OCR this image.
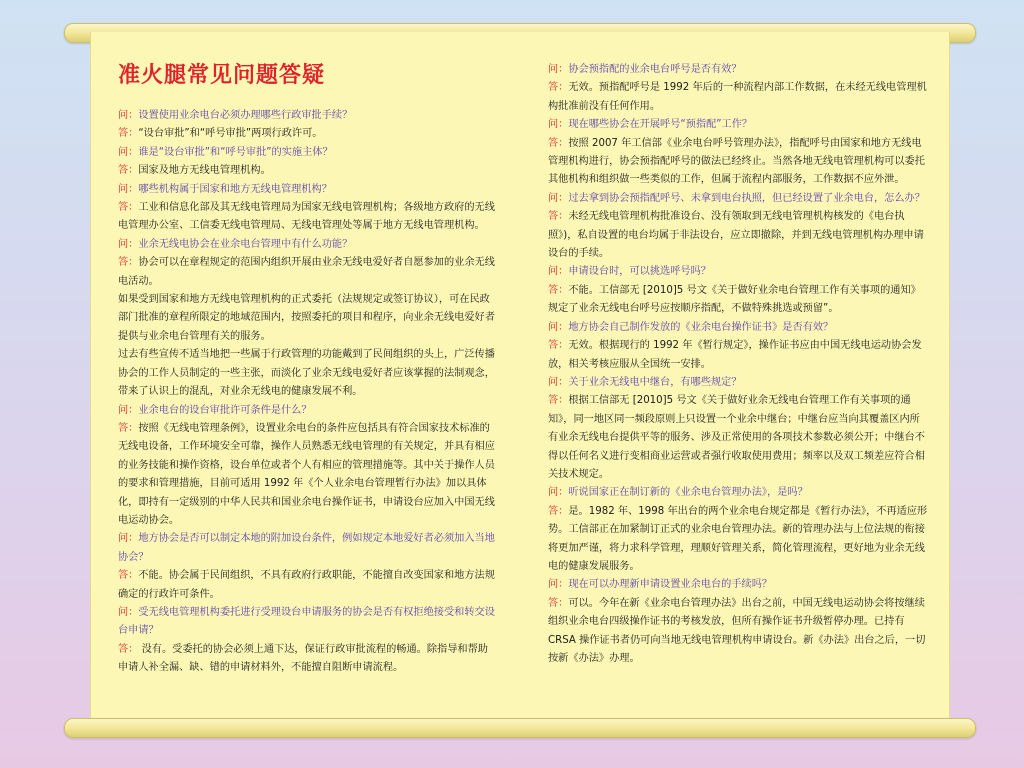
准火腿常见问题答疑

问：设置使用业余电台必须办理哪些行政审批手续？

答：“设台审批”和“呼号审批”两项行政许可。

问：谁是“设台审批”和“呼号审批”的实施主体？

答：国家及地方无线电管理机构。

问：哪些机构属于国家和地方无线电管理机构？

答：工业和信息化部及其无线电管理局为国家无线电管理机构；各级地方政府的无线电管理办公室、工信委无线电管理局、无线电管理处等属于地方无线电管理机构。

问：业余无线电协会在业余电台管理中有什么功能？

答：协会可以在章程规定的范围内组织开展由业余无线电爱好者自愿参加的业余无线电活动。

如果受到国家和地方无线电管理机构的正式委托（法规规定或签订协议），可在民政部门批准的章程所限定的地域范围内，按照委托的项目和程序，向业余无线电爱好者提供与业余电台管理有关的服务。

过去有些宣传不适当地把一些属于行政管理的功能戴到了民间组织的头上，广泛传播协会的工作人员制定的一些主张，而淡化了业余无线电爱好者应该掌握的法制观念，带来了认识上的混乱，对业余无线电的健康发展不利。

问：业余电台的设台审批许可条件是什么？

答：按照《无线电管理条例》，设置业余电台的条件应包括具有符合国家技术标准的无线电设备，工作环境安全可靠，操作人员熟悉无线电管理的有关规定，并具有相应的业务技能和操作资格，设台单位或者个人有相应的管理措施等。其中关于操作人员的要求和管理措施，目前可适用 1992 年《个人业余电台管理暂行办法》加以具体化，即持有一定级别的中华人民共和国业余电台操作证书，申请设台应加入中国无线电运动协会。

问：地方协会是否可以制定本地的附加设台条件，例如规定本地爱好者必须加入当地协会？

答：不能。协会属于民间组织，不具有政府行政职能，不能擅自改变国家和地方法规确定的行政许可条件。

问：受无线电管理机构委托进行受理设台申请服务的协会是否有权拒绝接受和转交设台申请？

答： 没有。受委托的协会必须上通下达，保证行政审批流程的畅通。除指导和帮助申请人补全漏、缺、错的申请材料外，不能擅自阻断申请流程。

问：协会预指配的业余电台呼号是否有效？

答：无效。预指配呼号是 1992 年后的一种流程内部工作数据，在未经无线电管理机构批准前没有任何作用。

问：现在哪些协会在开展呼号“预指配”工作？

答：按照 2007 年工信部《业余电台呼号管理办法》，指配呼号由国家和地方无线电管理机构进行，协会预指配呼号的做法已经终止。当然各地无线电管理机构可以委托其他机构和组织做一些类似的工作，但属于流程内部服务，工作数据不应外泄。

问：过去拿到协会预指配呼号、未拿到电台执照，但已经设置了业余电台，怎么办？

答：未经无线电管理机构批准设台、没有领取到无线电管理机构核发的《电台执照》)，私自设置的电台均属于非法设台，应立即撤除，并到无线电管理机构办理申请设台的手续。

问：申请设台时，可以挑选呼号吗？

答：不能。工信部无 [2010]5 号文《关于做好业余电台管理工作有关事项的通知》规定了业余无线电台呼号应按顺序指配，不做特殊挑选或预留”。

问：地方协会自己制作发放的《业余电台操作证书》是否有效？

答：无效。根据现行的 1992 年《暂行规定》，操作证书应由中国无线电运动协会发放，相关考核应服从全国统一安排。

问：关于业余无线电中继台，有哪些规定？

答：根据工信部无 [2010]5 号文《关于做好业余无线电台管理工作有关事项的通知》，同一地区同一频段原则上只设置一个业余中继台；中继台应当向其覆盖区内所有业余无线电台提供平等的服务、涉及正常使用的各项技术参数必须公开；中继台不得以任何名义进行变相商业运营或者强行收取使用费用；频率以及双工频差应符合相关技术规定。

问：听说国家正在制订新的《业余电台管理办法》，是吗？

答：是。1982 年、1998 年出台的两个业余电台规定都是《暂行办法》，不再适应形势。工信部正在加紧制订正式的业余电台管理办法。新的管理办法与上位法规的衔接将更加严谨，将力求科学管理，理顺好管理关系，简化管理流程，更好地为业余无线电的健康发展服务。

问：现在可以办理新申请设置业余电台的手续吗？

答：可以。今年在新《业余电台管理办法》出台之前，中国无线电运动协会将按继续组织业余电台四级操作证书的考核发放，但所有操作证书升级暂停办理。已持有 CRSA 操作证书者仍可向当地无线电管理机构申请设台。新《办法》出台之后，一切按新《办法》办理。
